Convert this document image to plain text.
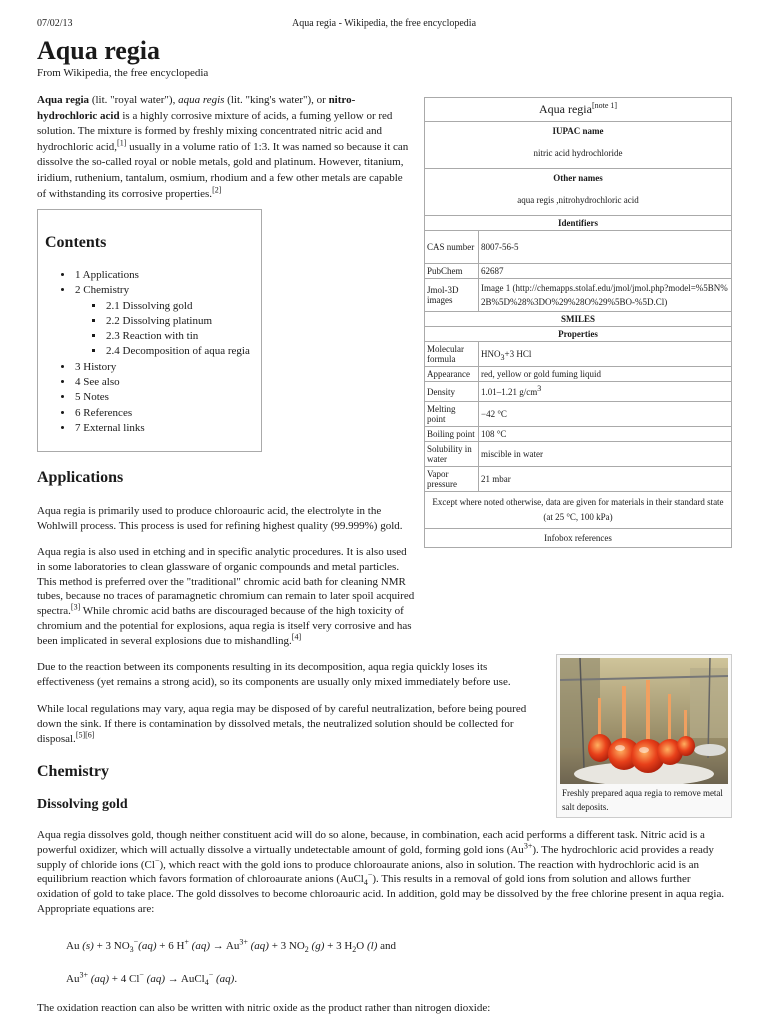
07/02/13	Aqua regia - Wikipedia, the free encyclopedia
Aqua regia
From Wikipedia, the free encyclopedia
Aqua regia (lit. "royal water"), aqua regis (lit. "king's water"), or nitro-hydrochloric acid is a highly corrosive mixture of acids, a fuming yellow or red solution. The mixture is formed by freshly mixing concentrated nitric acid and hydrochloric acid,[1] usually in a volume ratio of 1:3. It was named so because it can dissolve the so-called royal or noble metals, gold and platinum. However, titanium, iridium, ruthenium, tantalum, osmium, rhodium and a few other metals are capable of withstanding its corrosive properties.[2]
Contents
• 1 Applications
• 2 Chemistry
▪ 2.1 Dissolving gold
▪ 2.2 Dissolving platinum
▪ 2.3 Reaction with tin
▪ 2.4 Decomposition of aqua regia
• 3 History
• 4 See also
• 5 Notes
• 6 References
• 7 External links
Applications
Aqua regia is primarily used to produce chloroauric acid, the electrolyte in the Wohlwill process. This process is used for refining highest quality (99.999%) gold.
Aqua regia is also used in etching and in specific analytic procedures. It is also used in some laboratories to clean glassware of organic compounds and metal particles. This method is preferred over the "traditional" chromic acid bath for cleaning NMR tubes, because no traces of paramagnetic chromium can remain to later spoil acquired spectra.[3] While chromic acid baths are discouraged because of the high toxicity of chromium and the potential for explosions, aqua regia is itself very corrosive and has been implicated in several explosions due to mishandling.[4]
Due to the reaction between its components resulting in its decomposition, aqua regia quickly loses its effectiveness (yet remains a strong acid), so its components are usually only mixed immediately before use.
While local regulations may vary, aqua regia may be disposed of by careful neutralization, before being poured down the sink. If there is contamination by dissolved metals, the neutralized solution should be collected for disposal.[5][6]
Chemistry
Dissolving gold
Aqua regia dissolves gold, though neither constituent acid will do so alone, because, in combination, each acid performs a different task. Nitric acid is a powerful oxidizer, which will actually dissolve a virtually undetectable amount of gold, forming gold ions $(Au^{3+})$. The hydrochloric acid provides a ready supply of chloride ions (Cl−), which react with the gold ions to produce chloroaurate anions, also in solution. The reaction with hydrochloric acid is an equilibrium reaction which favors formation of chloroaurate anions (AuCl$_4$−). This results in a removal of gold ions from solution and allows further oxidation of gold to take place. The gold dissolves to become chloroauric acid. In addition, gold may be dissolved by the free chlorine present in aqua regia. Appropriate equations are:
Au (s) + 3 $NO_3^-(aq) + 6$ H+ $(aq) \to Au^{3+}$ (aq) + 3 $NO_2$ (g) + 3 $H_2O$ (l) and
$Au^{3+}$ (aq) + 4 Cl− (aq) → AuCl$_4$− (aq).
The oxidation reaction can also be written with nitric oxide as the product rather than nitrogen dioxide:
Aqua regia[note 1]
IUPAC name	
nitric acid hydrochloride	
Other names	
aqua regis ,nitrohydrochloric acid	
Identifiers	
CAS number	8007-56-5
PubChem	62687
Jmol-3D images	Image 1 (http://chemapps.stolaf.edu/jmol/jmol.php?model=%5BN%2B%5D%28%3DO%29%28O%29%5BO-%5D.Cl)
SMILES	
Properties	
Molecular formula	$HNO_3+3$ HCl
Appearance	red, yellow or gold fuming liquid
Density	1.01–1.21 $g/cm^3$
Melting point	−42 °C
Boiling point	108 °C
Solubility in water	miscible in water
Vapor pressure	21 mbar
Except where noted otherwise, data are given for materials in their standard state (at 25 °C, 100 kPa)	
Infobox references	
Freshly prepared aqua regia to remove metal salt deposits.
